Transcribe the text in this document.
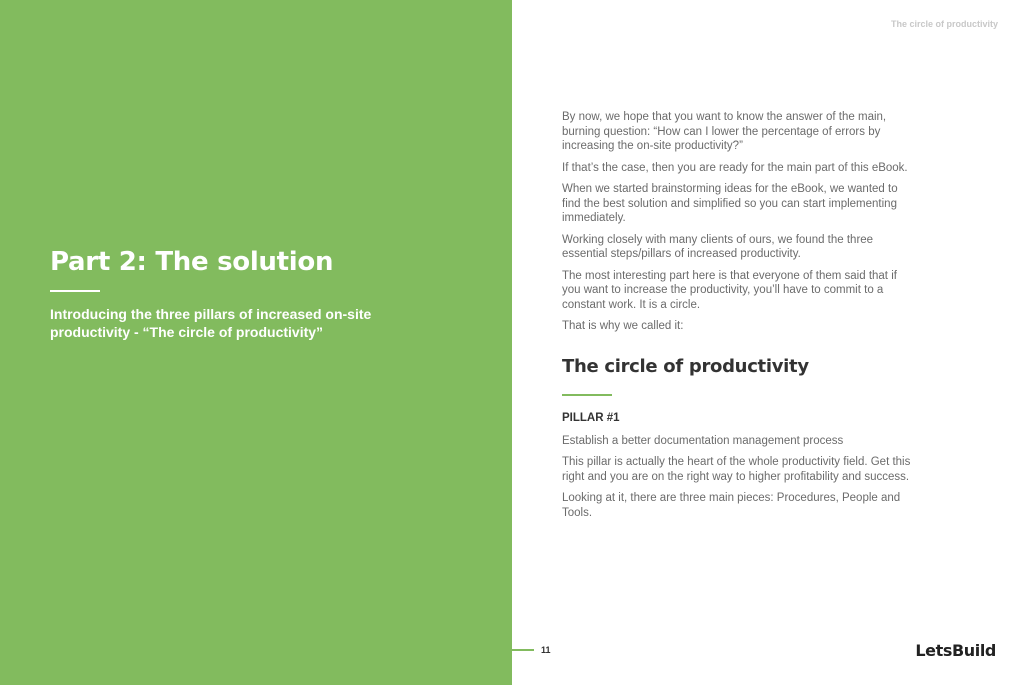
Part 2: The solution

Introducing the three pillars of increased on-site productivity - “The circle of productivity”

The circle of productivity

By now, we hope that you want to know the answer of the main, burning question: “How can I lower the percentage of errors by increasing the on-site productivity?”

If that’s the case, then you are ready for the main part of this eBook.

When we started brainstorming ideas for the eBook, we wanted to find the best solution and simplified so you can start implementing immediately.

Working closely with many clients of ours, we found the three essential steps/pillars of increased productivity.

The most interesting part here is that everyone of them said that if you want to increase the productivity, you’ll have to commit to a constant work. It is a circle.

That is why we called it:

The circle of productivity
PILLAR #1

Establish a better documentation management process

This pillar is actually the heart of the whole productivity field. Get this right and you are on the right way to higher profitability and success.

Looking at it, there are three main pieces: Procedures, People and Tools.

11	LetsBuild
